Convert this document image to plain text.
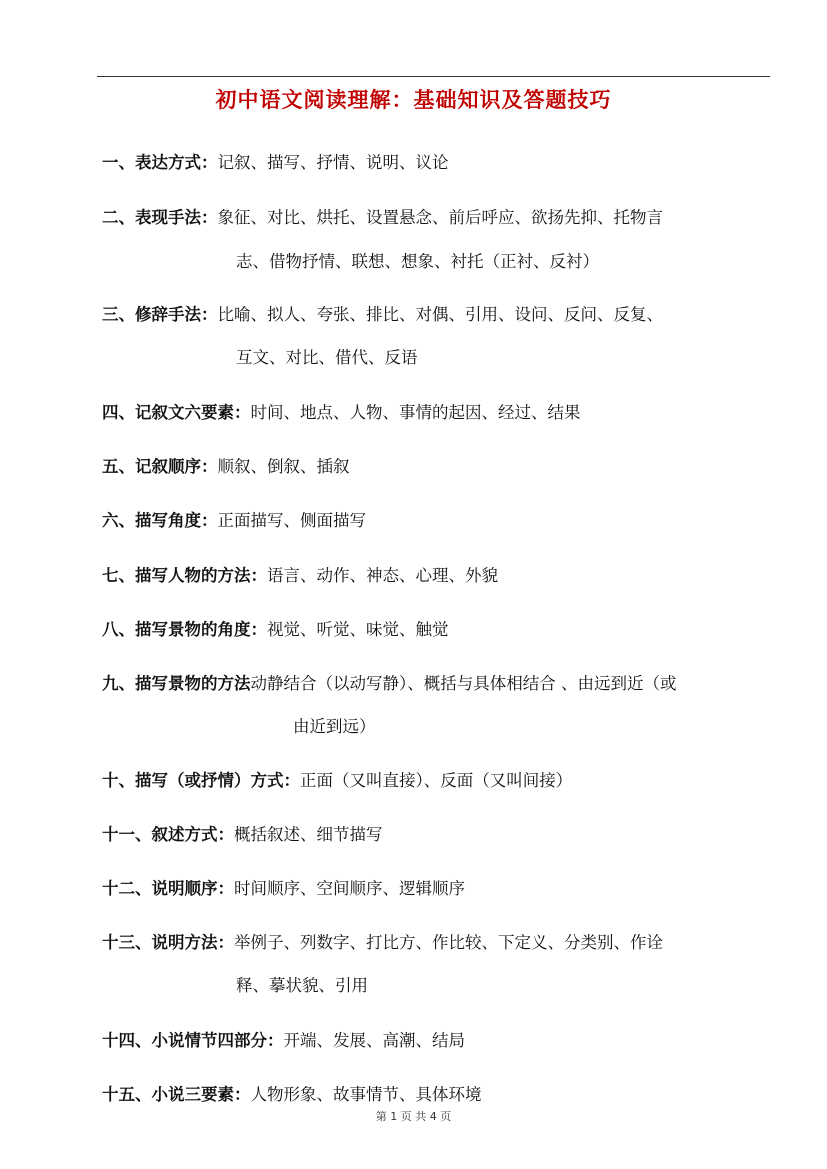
初中语文阅读理解：基础知识及答题技巧
一、表达方式：记叙、描写、抒情、说明、议论
二、表现手法：象征、对比、烘托、设置悬念、前后呼应、欲扬先抑、托物言
志、借物抒情、联想、想象、衬托（正衬、反衬）
三、修辞手法：比喻、拟人、夸张、排比、对偶、引用、设问、反问、反复、
互文、对比、借代、反语
四、记叙文六要素：时间、地点、人物、事情的起因、经过、结果
五、记叙顺序：顺叙、倒叙、插叙
六、描写角度：正面描写、侧面描写
七、描写人物的方法：语言、动作、神态、心理、外貌
八、描写景物的角度：视觉、听觉、味觉、触觉
九、描写景物的方法动静结合（以动写静）、概括与具体相结合 、由远到近（或
由近到远）
十、描写（或抒情）方式：正面（又叫直接）、反面（又叫间接）
十一、叙述方式：概括叙述、细节描写
十二、说明顺序：时间顺序、空间顺序、逻辑顺序
十三、说明方法：举例子、列数字、打比方、作比较、下定义、分类别、作诠
释、摹状貌、引用
十四、小说情节四部分：开端、发展、高潮、结局
十五、小说三要素：人物形象、故事情节、具体环境
第 1 页 共 4 页
